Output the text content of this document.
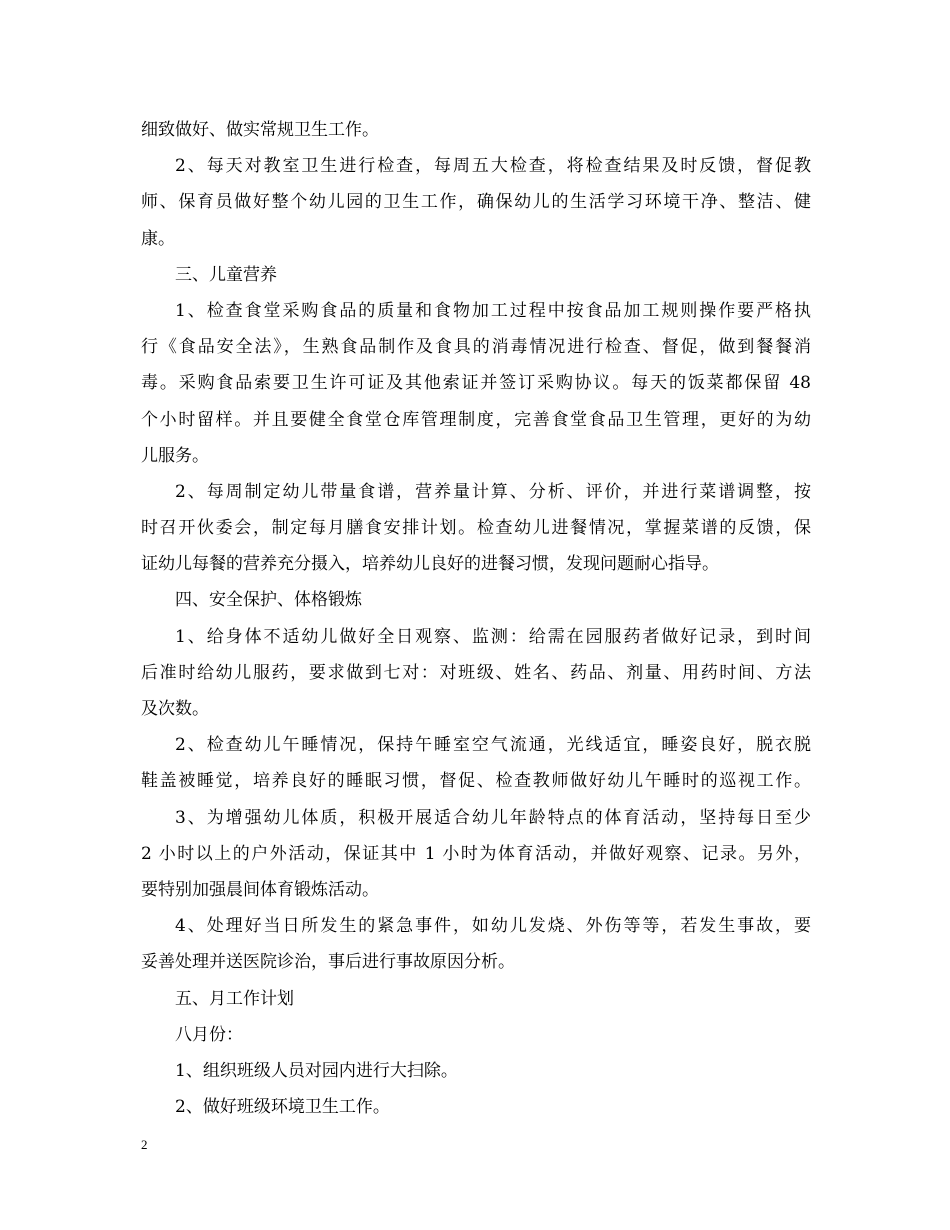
细致做好、做实常规卫生工作。
2、每天对教室卫生进行检查，每周五大检查，将检查结果及时反馈，督促教
师、保育员做好整个幼儿园的卫生工作，确保幼儿的生活学习环境干净、整洁、健
康。
三、儿童营养
1、检查食堂采购食品的质量和食物加工过程中按食品加工规则操作要严格执
行《食品安全法》，生熟食品制作及食具的消毒情况进行检查、督促，做到餐餐消
毒。采购食品索要卫生许可证及其他索证并签订采购协议。每天的饭菜都保留 48
个小时留样。并且要健全食堂仓库管理制度，完善食堂食品卫生管理，更好的为幼
儿服务。
2、每周制定幼儿带量食谱，营养量计算、分析、评价，并进行菜谱调整，按
时召开伙委会，制定每月膳食安排计划。检查幼儿进餐情况，掌握菜谱的反馈，保
证幼儿每餐的营养充分摄入，培养幼儿良好的进餐习惯，发现问题耐心指导。
四、安全保护、体格锻炼
1、给身体不适幼儿做好全日观察、监测：给需在园服药者做好记录，到时间
后准时给幼儿服药，要求做到七对：对班级、姓名、药品、剂量、用药时间、方法
及次数。
2、检查幼儿午睡情况，保持午睡室空气流通，光线适宜，睡姿良好，脱衣脱
鞋盖被睡觉，培养良好的睡眠习惯，督促、检查教师做好幼儿午睡时的巡视工作。
3、为增强幼儿体质，积极开展适合幼儿年龄特点的体育活动，坚持每日至少
2 小时以上的户外活动，保证其中 1 小时为体育活动，并做好观察、记录。另外，
要特别加强晨间体育锻炼活动。
4、处理好当日所发生的紧急事件，如幼儿发烧、外伤等等，若发生事故，要
妥善处理并送医院诊治，事后进行事故原因分析。
五、月工作计划
八月份：
1、组织班级人员对园内进行大扫除。
2、做好班级环境卫生工作。
2
